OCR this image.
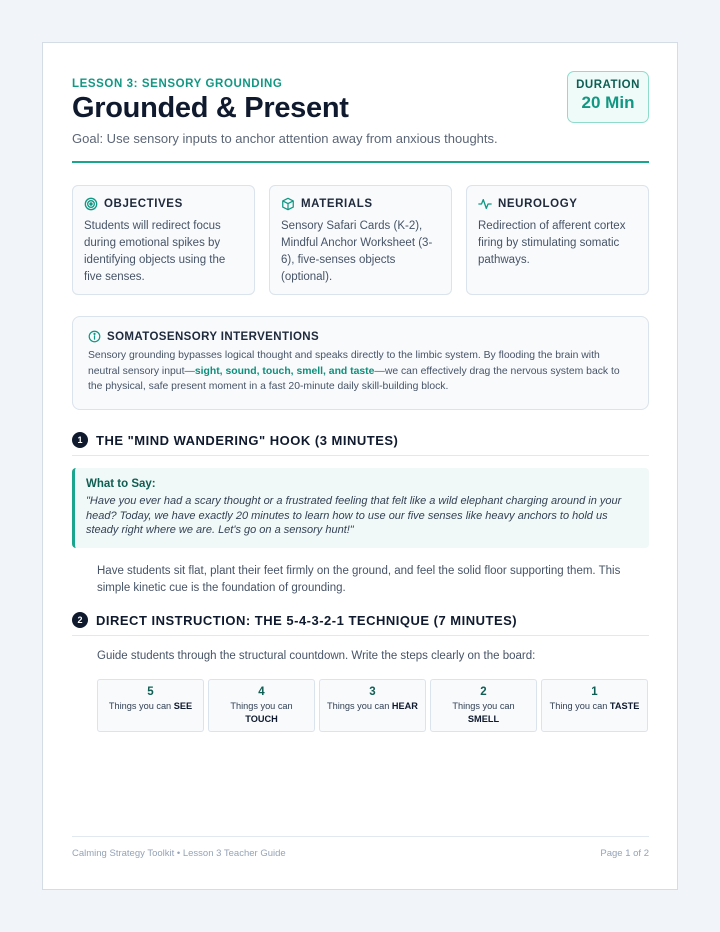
LESSON 3: SENSORY GROUNDING
Grounded & Present
Goal: Use sensory inputs to anchor attention away from anxious thoughts.
DURATION
20 Min
OBJECTIVES
Students will redirect focus during emotional spikes by identifying objects using the five senses.
MATERIALS
Sensory Safari Cards (K-2), Mindful Anchor Worksheet (3-6), five-senses objects (optional).
NEUROLOGY
Redirection of afferent cortex firing by stimulating somatic pathways.
SOMATOSENSORY INTERVENTIONS
Sensory grounding bypasses logical thought and speaks directly to the limbic system. By flooding the brain with neutral sensory input—sight, sound, touch, smell, and taste—we can effectively drag the nervous system back to the physical, safe present moment in a fast 20-minute daily skill-building block.
1	THE "MIND WANDERING" HOOK (3 MINUTES)
What to Say:
"Have you ever had a scary thought or a frustrated feeling that felt like a wild elephant charging around in your head? Today, we have exactly 20 minutes to learn how to use our five senses like heavy anchors to hold us steady right where we are. Let's go on a sensory hunt!"
Have students sit flat, plant their feet firmly on the ground, and feel the solid floor supporting them. This simple kinetic cue is the foundation of grounding.
2	DIRECT INSTRUCTION: THE 5-4-3-2-1 TECHNIQUE (7 MINUTES)
Guide students through the structural countdown. Write the steps clearly on the board:
5
Things you can SEE
4
Things you can
TOUCH
3
Things you can HEAR
2
Things you can
SMELL
1
Thing you can TASTE
Calming Strategy Toolkit • Lesson 3 Teacher Guide	Page 1 of 2
